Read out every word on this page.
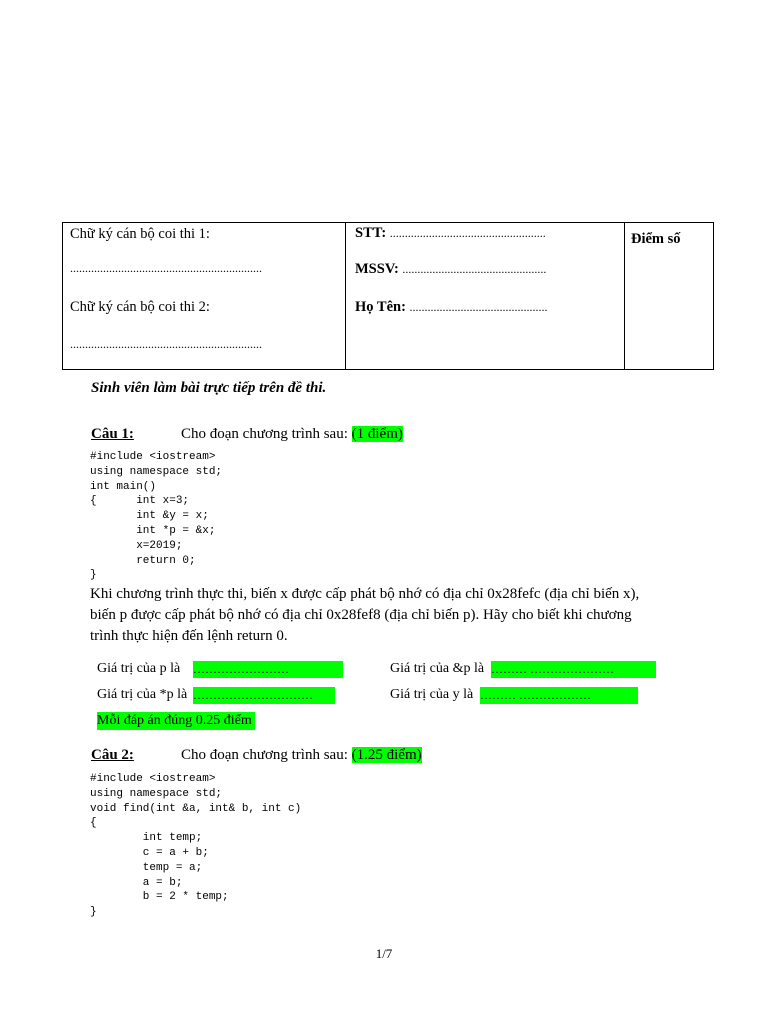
Chữ ký cán bộ coi thi 1:
................................................................
Chữ ký cán bộ coi thi 2:
................................................................
STT: ....................................................
MSSV: ................................................
Họ Tên: ..............................................
Điểm số
Sinh viên làm bài trực tiếp trên đề thi.
Câu 1:	Cho đoạn chương trình sau: (1 điểm)
#include <iostream>
using namespace std;
int main()
{      int x=3;
int &y = x;
int *p = &x;
x=2019;
return 0;
}
Khi chương trình thực thi, biến x được cấp phát bộ nhớ có địa chỉ 0x28fefc (địa chỉ biến x),
biến p được cấp phát bộ nhớ có địa chỉ 0x28fef8 (địa chỉ biến p). Hãy cho biết khi chương
trình thực hiện đến lệnh return 0.
Giá trị của p là ……………………	Giá trị của &p là ……… …………………
Giá trị của *p là …………………………	Giá trị của y là ……… ………………
Mỗi đáp án đúng 0.25 điểm
Câu 2:	Cho đoạn chương trình sau: (1.25 điểm)
#include <iostream>
using namespace std;
void find(int &a, int& b, int c)
{
int temp;
c = a + b;
temp = a;
a = b;
b = 2 * temp;
}
1/7
